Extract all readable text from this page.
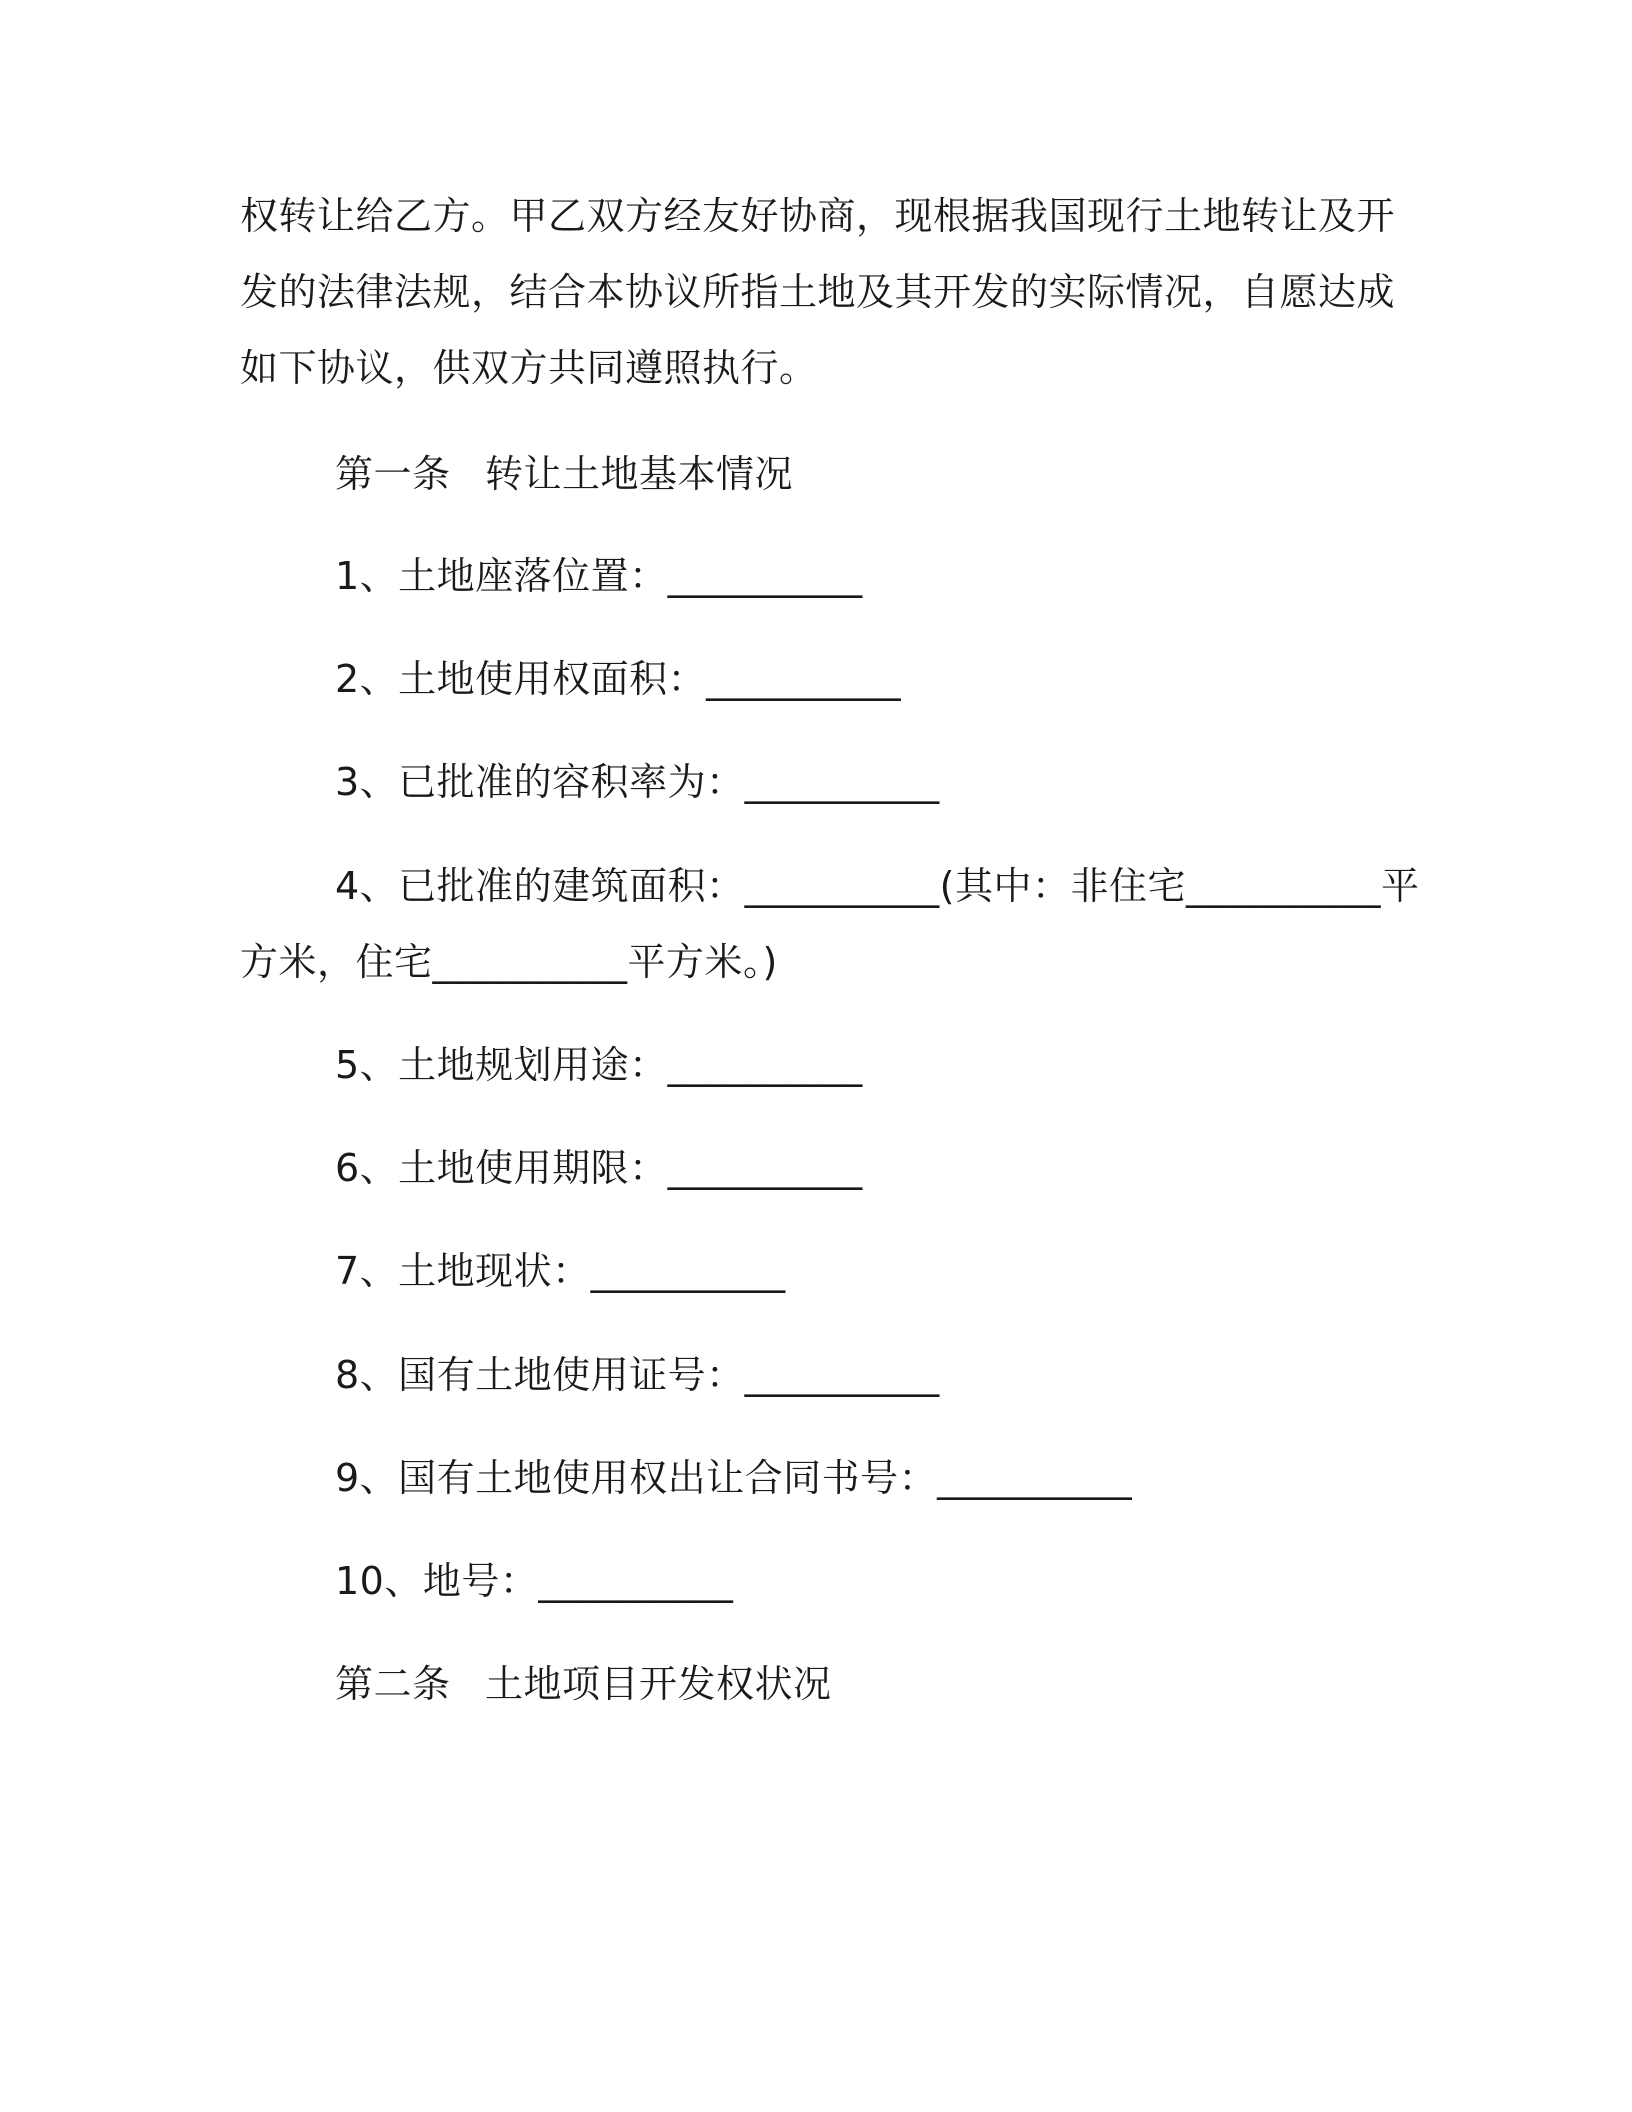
权转让给乙方。甲乙双方经友好协商，现根据我国现行土地转让及开
发的法律法规，结合本协议所指土地及其开发的实际情况，自愿达成
如下协议，供双方共同遵照执行。
第一条 转让土地基本情况
1、土地座落位置：__________
2、土地使用权面积：__________
3、已批准的容积率为：__________
4、已批准的建筑面积：__________(其中：非住宅__________平
方米，住宅__________平方米。)
5、土地规划用途：__________
6、土地使用期限：__________
7、土地现状：__________
8、国有土地使用证号：__________
9、国有土地使用权出让合同书号：__________
10、地号：__________
第二条 土地项目开发权状况
